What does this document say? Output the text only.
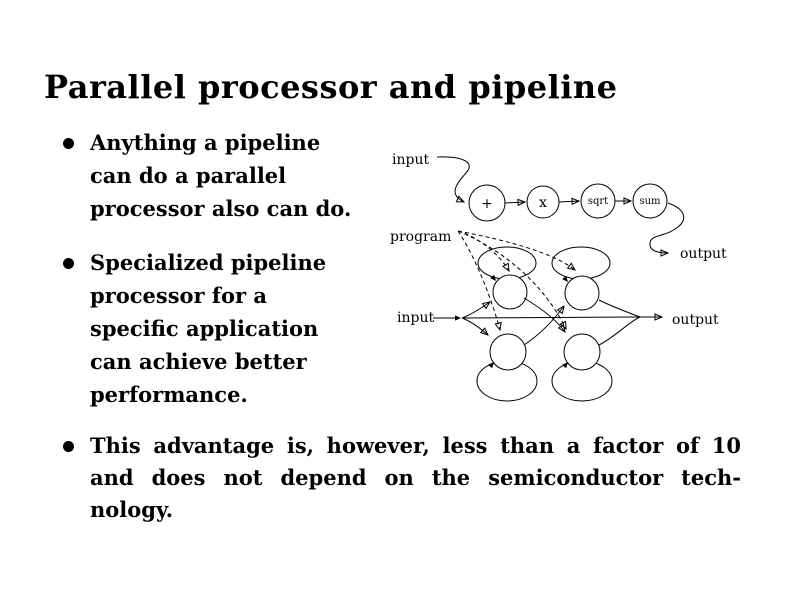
Parallel processor and pipeline
Anything a pipeline
can do a parallel
processor also can do.
Specialized pipeline
processor for a
specific application
can achieve better
performance.
This advantage is, however, less than a factor of 10
and does not depend on the semiconductor tech-
nology.
input
+	x	sqrt	sum
output
program
input	output
